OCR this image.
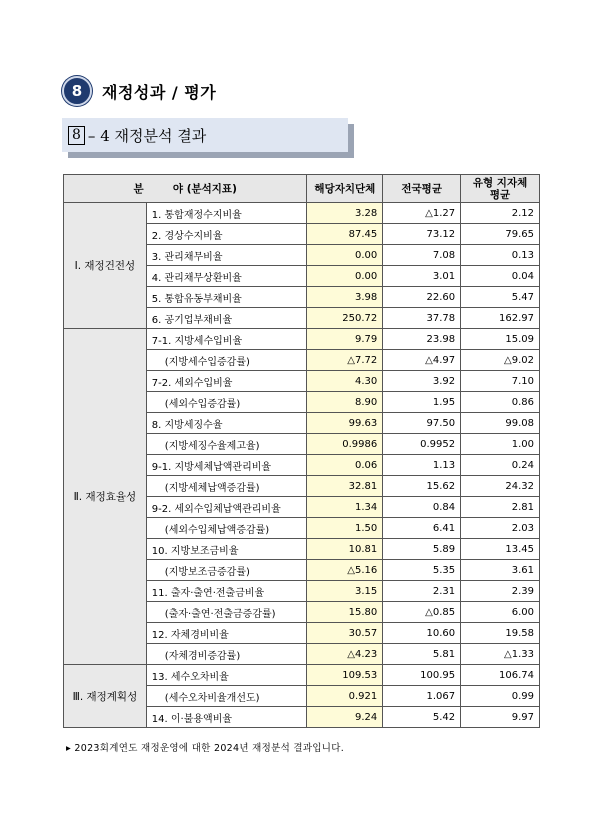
8	재정성과 / 평가
8 – 4 재정분석 결과
분        야 (분석지표)		해당자치단체	전국평균	유형 지자체 평균
Ⅰ. 재정건전성	1. 통합재정수지비율	3.28	△1.27	2.12
	2. 경상수지비율	87.45	73.12	79.65
	3. 관리채무비율	0.00	7.08	0.13
	4. 관리채무상환비율	0.00	3.01	0.04
	5. 통합유동부채비율	3.98	22.60	5.47
	6. 공기업부채비율	250.72	37.78	162.97
Ⅱ. 재정효율성	7-1. 지방세수입비율	9.79	23.98	15.09
	(지방세수입증감률)	△7.72	△4.97	△9.02
	7-2. 세외수입비율	4.30	3.92	7.10
	(세외수입증감률)	8.90	1.95	0.86
	8. 지방세징수율	99.63	97.50	99.08
	(지방세징수율제고율)	0.9986	0.9952	1.00
	9-1. 지방세체납액관리비율	0.06	1.13	0.24
	(지방세체납액증감률)	32.81	15.62	24.32
	9-2. 세외수입체납액관리비율	1.34	0.84	2.81
	(세외수입체납액증감률)	1.50	6.41	2.03
	10. 지방보조금비율	10.81	5.89	13.45
	(지방보조금증감률)	△5.16	5.35	3.61
	11. 출자·출연·전출금비율	3.15	2.31	2.39
	(출자·출연·전출금증감률)	15.80	△0.85	6.00
	12. 자체경비비율	30.57	10.60	19.58
	(자체경비증감률)	△4.23	5.81	△1.33
Ⅲ. 재정계획성	13. 세수오차비율	109.53	100.95	106.74
	(세수오차비율개선도)	0.921	1.067	0.99
	14. 이·불용액비율	9.24	5.42	9.97
▸ 2023회계연도 재정운영에 대한 2024년 재정분석 결과입니다.
